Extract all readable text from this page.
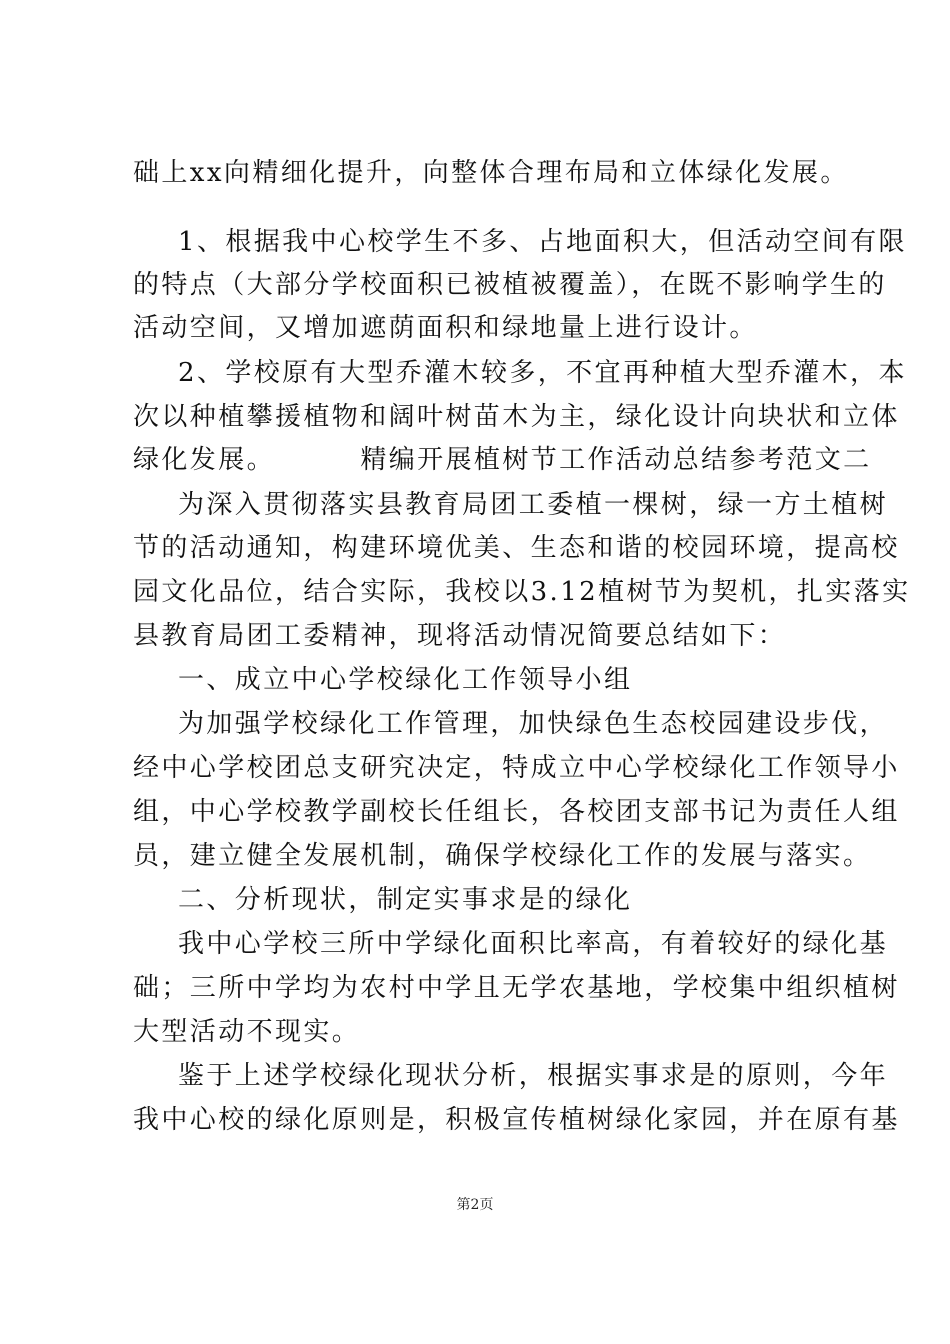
础上xx向精细化提升，向整体合理布局和立体绿化发展。
1、根据我中心校学生不多、占地面积大，但活动空间有限
的特点（大部分学校面积已被植被覆盖），在既不影响学生的
活动空间，又增加遮荫面积和绿地量上进行设计。
2、学校原有大型乔灌木较多，不宜再种植大型乔灌木，本
次以种植攀援植物和阔叶树苗木为主，绿化设计向块状和立体
绿化发展。        精编开展植树节工作活动总结参考范文二
为深入贯彻落实县教育局团工委植一棵树，绿一方土植树
节的活动通知，构建环境优美、生态和谐的校园环境，提高校
园文化品位，结合实际，我校以3.12植树节为契机，扎实落实
县教育局团工委精神，现将活动情况简要总结如下：
一、成立中心学校绿化工作领导小组
为加强学校绿化工作管理，加快绿色生态校园建设步伐，
经中心学校团总支研究决定，特成立中心学校绿化工作领导小
组，中心学校教学副校长任组长，各校团支部书记为责任人组
员，建立健全发展机制，确保学校绿化工作的发展与落实。
二、分析现状，制定实事求是的绿化
我中心学校三所中学绿化面积比率高，有着较好的绿化基
础；三所中学均为农村中学且无学农基地，学校集中组织植树
大型活动不现实。
鉴于上述学校绿化现状分析，根据实事求是的原则，今年
我中心校的绿化原则是，积极宣传植树绿化家园，并在原有基
第2页
